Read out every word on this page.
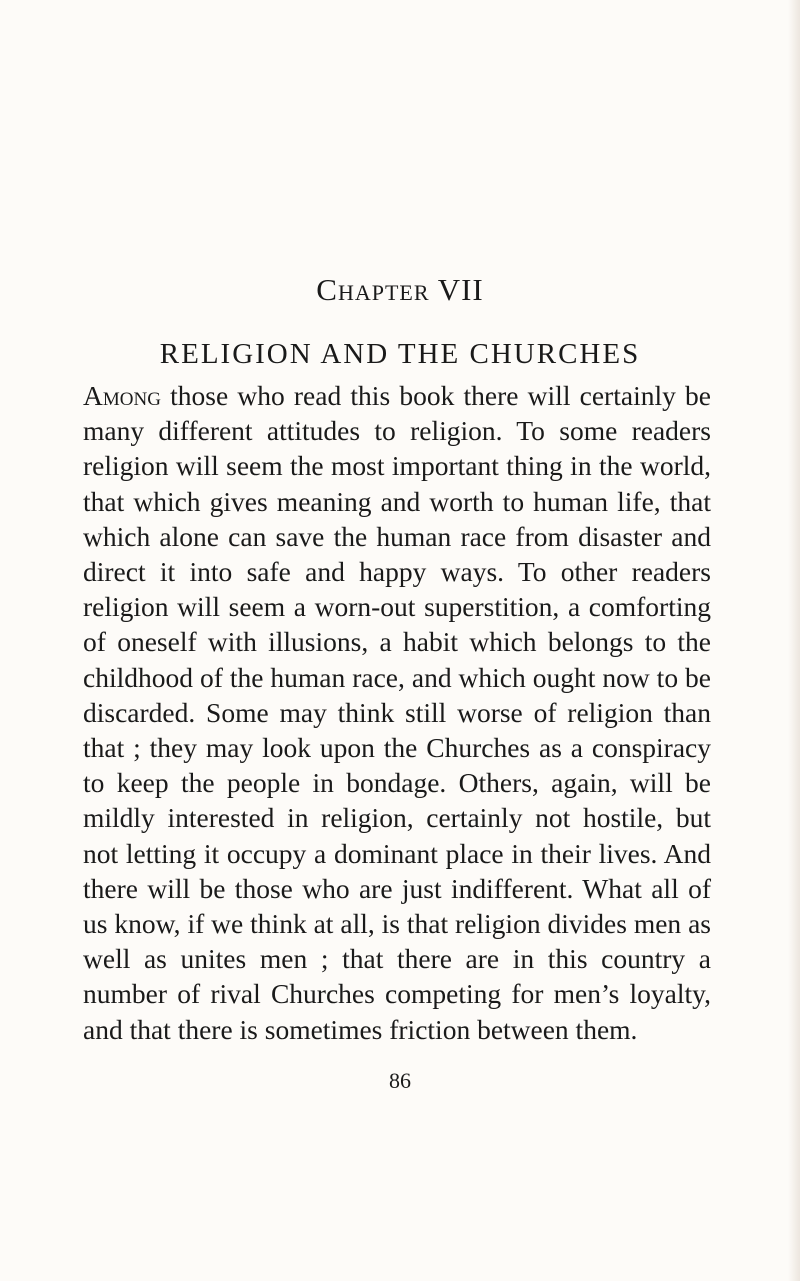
Chapter VII
RELIGION AND THE CHURCHES

Among those who read this book there will certainly be many different attitudes to religion. To some readers religion will seem the most important thing in the world, that which gives meaning and worth to human life, that which alone can save the human race from disaster and direct it into safe and happy ways. To other readers religion will seem a worn-out superstition, a comforting of oneself with illusions, a habit which belongs to the childhood of the human race, and which ought now to be discarded. Some may think still worse of religion than that ; they may look upon the Churches as a conspiracy to keep the people in bondage. Others, again, will be mildly interested in religion, certainly not hostile, but not letting it occupy a dominant place in their lives. And there will be those who are just indifferent. What all of us know, if we think at all, is that religion divides men as well as unites men ; that there are in this country a number of rival Churches competing for men’s loyalty, and that there is sometimes friction between them.

86
